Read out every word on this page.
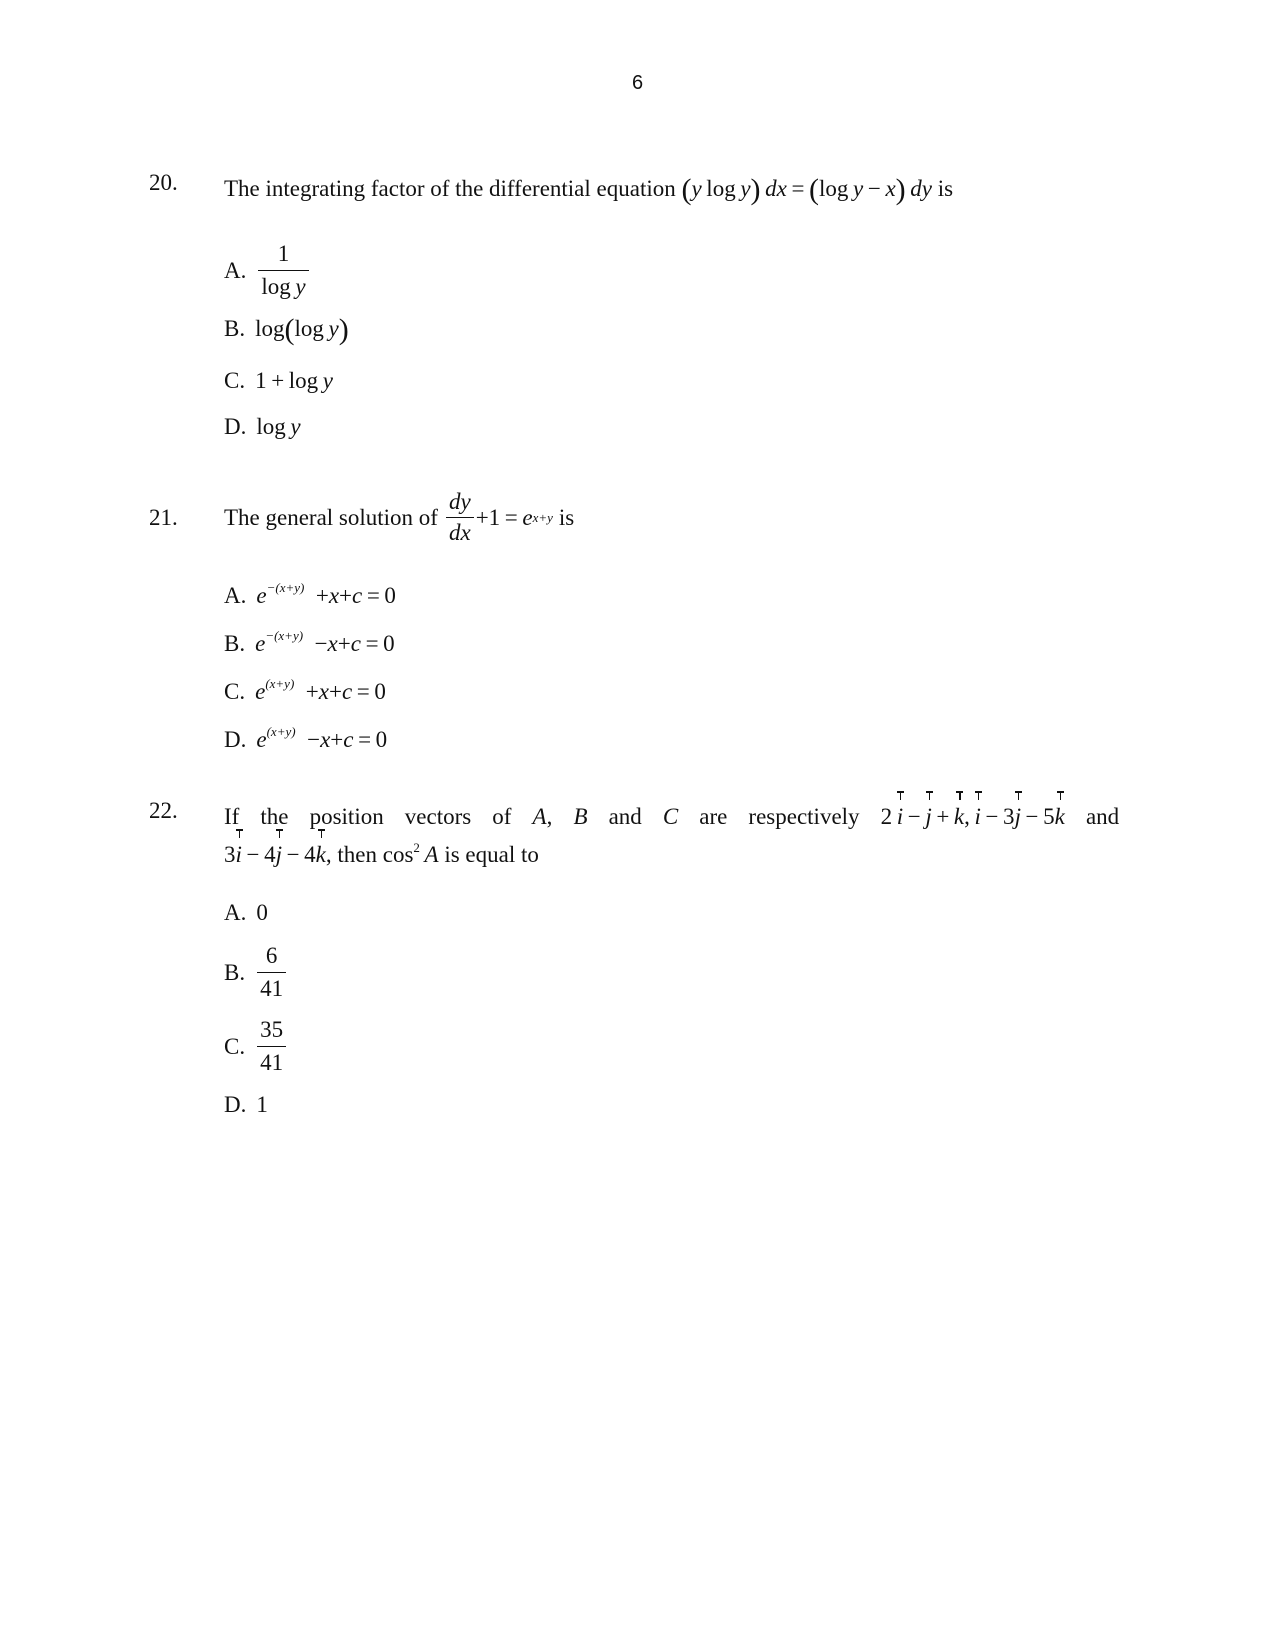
6
20. The integrating factor of the differential equation (y log y)  dx = (log y − x)  dy is
A. $\frac{1}{\text{log y}}$
B. log(log y)
C. 1 + log y
D. log y
21. The general solution of $\frac{dy}{dx} +1 = e$ x+y is
A. $e^{-(x+y)}$ +x+c = 0
B. $e^{-(x+y)}$ −x+c = 0
C. $e^{(x+y)}$ +x+c = 0
D. $e^{(x+y)}$ −x+c = 0
22. If the position vectors of A, B and C are respectively 2 i − j + k, i − 3j − 5k and
3i − 4j − 4k, then $\cos^2 A$ is equal to
A. 0
B. $\frac{6}{41}$
C. $\frac{35}{41}$
D. 1
